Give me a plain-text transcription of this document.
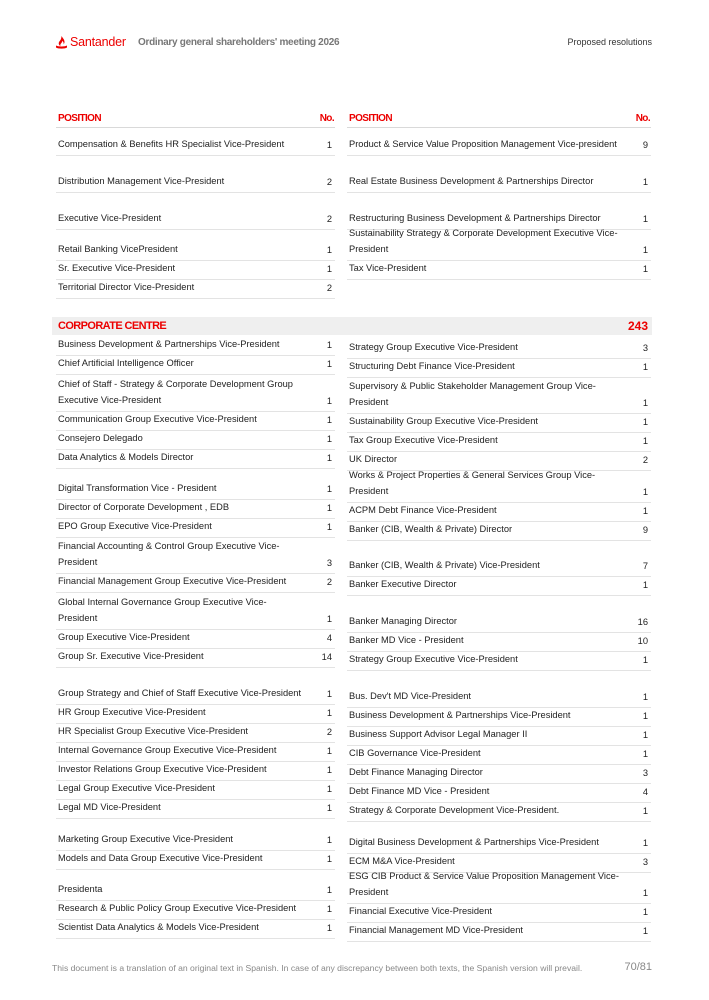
Santander Ordinary general shareholders' meeting 2026	Proposed resolutions
POSITION	No.
Compensation & Benefits HR Specialist Vice-President	1
Distribution Management Vice-President	2
Executive Vice-President	2
Retail Banking VicePresident	1
Sr. Executive Vice-President	1
Territorial Director Vice-President	2
POSITION	No.
Product & Service Value Proposition Management Vice-president	9
Real Estate Business Development & Partnerships Director	1
Restructuring Business Development & Partnerships Director	1
Sustainability Strategy & Corporate Development Executive Vice-President	1
Tax Vice-President	1
CORPORATE CENTRE	243
Business Development & Partnerships Vice-President	1
Chief Artificial Intelligence Officer	1
Chief of Staff - Strategy & Corporate Development Group Executive Vice-President	1
Communication Group Executive Vice-President	1
Consejero Delegado	1
Data Analytics & Models Director	1
Digital Transformation Vice - President	1
Director of Corporate Development , EDB	1
EPO Group Executive Vice-President	1
Financial Accounting & Control Group Executive Vice-President	3
Financial Management Group Executive Vice-President	2
Global Internal Governance Group Executive Vice-President	1
Group Executive Vice-President	4
Group Sr. Executive Vice-President	14
Group Strategy and Chief of Staff Executive Vice-President	1
HR Group Executive Vice-President	1
HR Specialist Group Executive Vice-President	2
Internal Governance Group Executive Vice-President	1
Investor Relations Group Executive Vice-President	1
Legal Group Executive Vice-President	1
Legal MD Vice-President	1
Marketing Group Executive Vice-President	1
Models and Data Group Executive Vice-President	1
Presidenta	1
Research & Public Policy Group Executive Vice-President	1
Scientist Data Analytics & Models Vice-President	1
Strategy Group Executive Vice-President	3
Structuring Debt Finance Vice-President	1
Supervisory & Public Stakeholder Management Group Vice-President	1
Sustainability Group Executive Vice-President	1
Tax Group Executive Vice-President	1
UK Director	2
Works & Project Properties & General Services Group Vice-President	1
ACPM Debt Finance Vice-President	1
Banker (CIB, Wealth & Private) Director	9
Banker (CIB, Wealth & Private) Vice-President	7
Banker Executive Director	1
Banker Managing Director	16
Banker MD Vice - President	10
Strategy Group Executive Vice-President	1
Bus. Dev't MD Vice-President	1
Business Development & Partnerships Vice-President	1
Business Support Advisor Legal Manager II	1
CIB Governance Vice-President	1
Debt Finance Managing Director	3
Debt Finance MD Vice - President	4
Strategy & Corporate Development Vice-President.	1
Digital Business Development & Partnerships Vice-President	1
ECM M&A Vice-President	3
ESG CIB Product & Service Value Proposition Management Vice-President	1
Financial Executive Vice-President	1
Financial Management MD Vice-President	1
This document is a translation of an original text in Spanish. In case of any discrepancy between both texts, the Spanish version will prevail.	70/81
